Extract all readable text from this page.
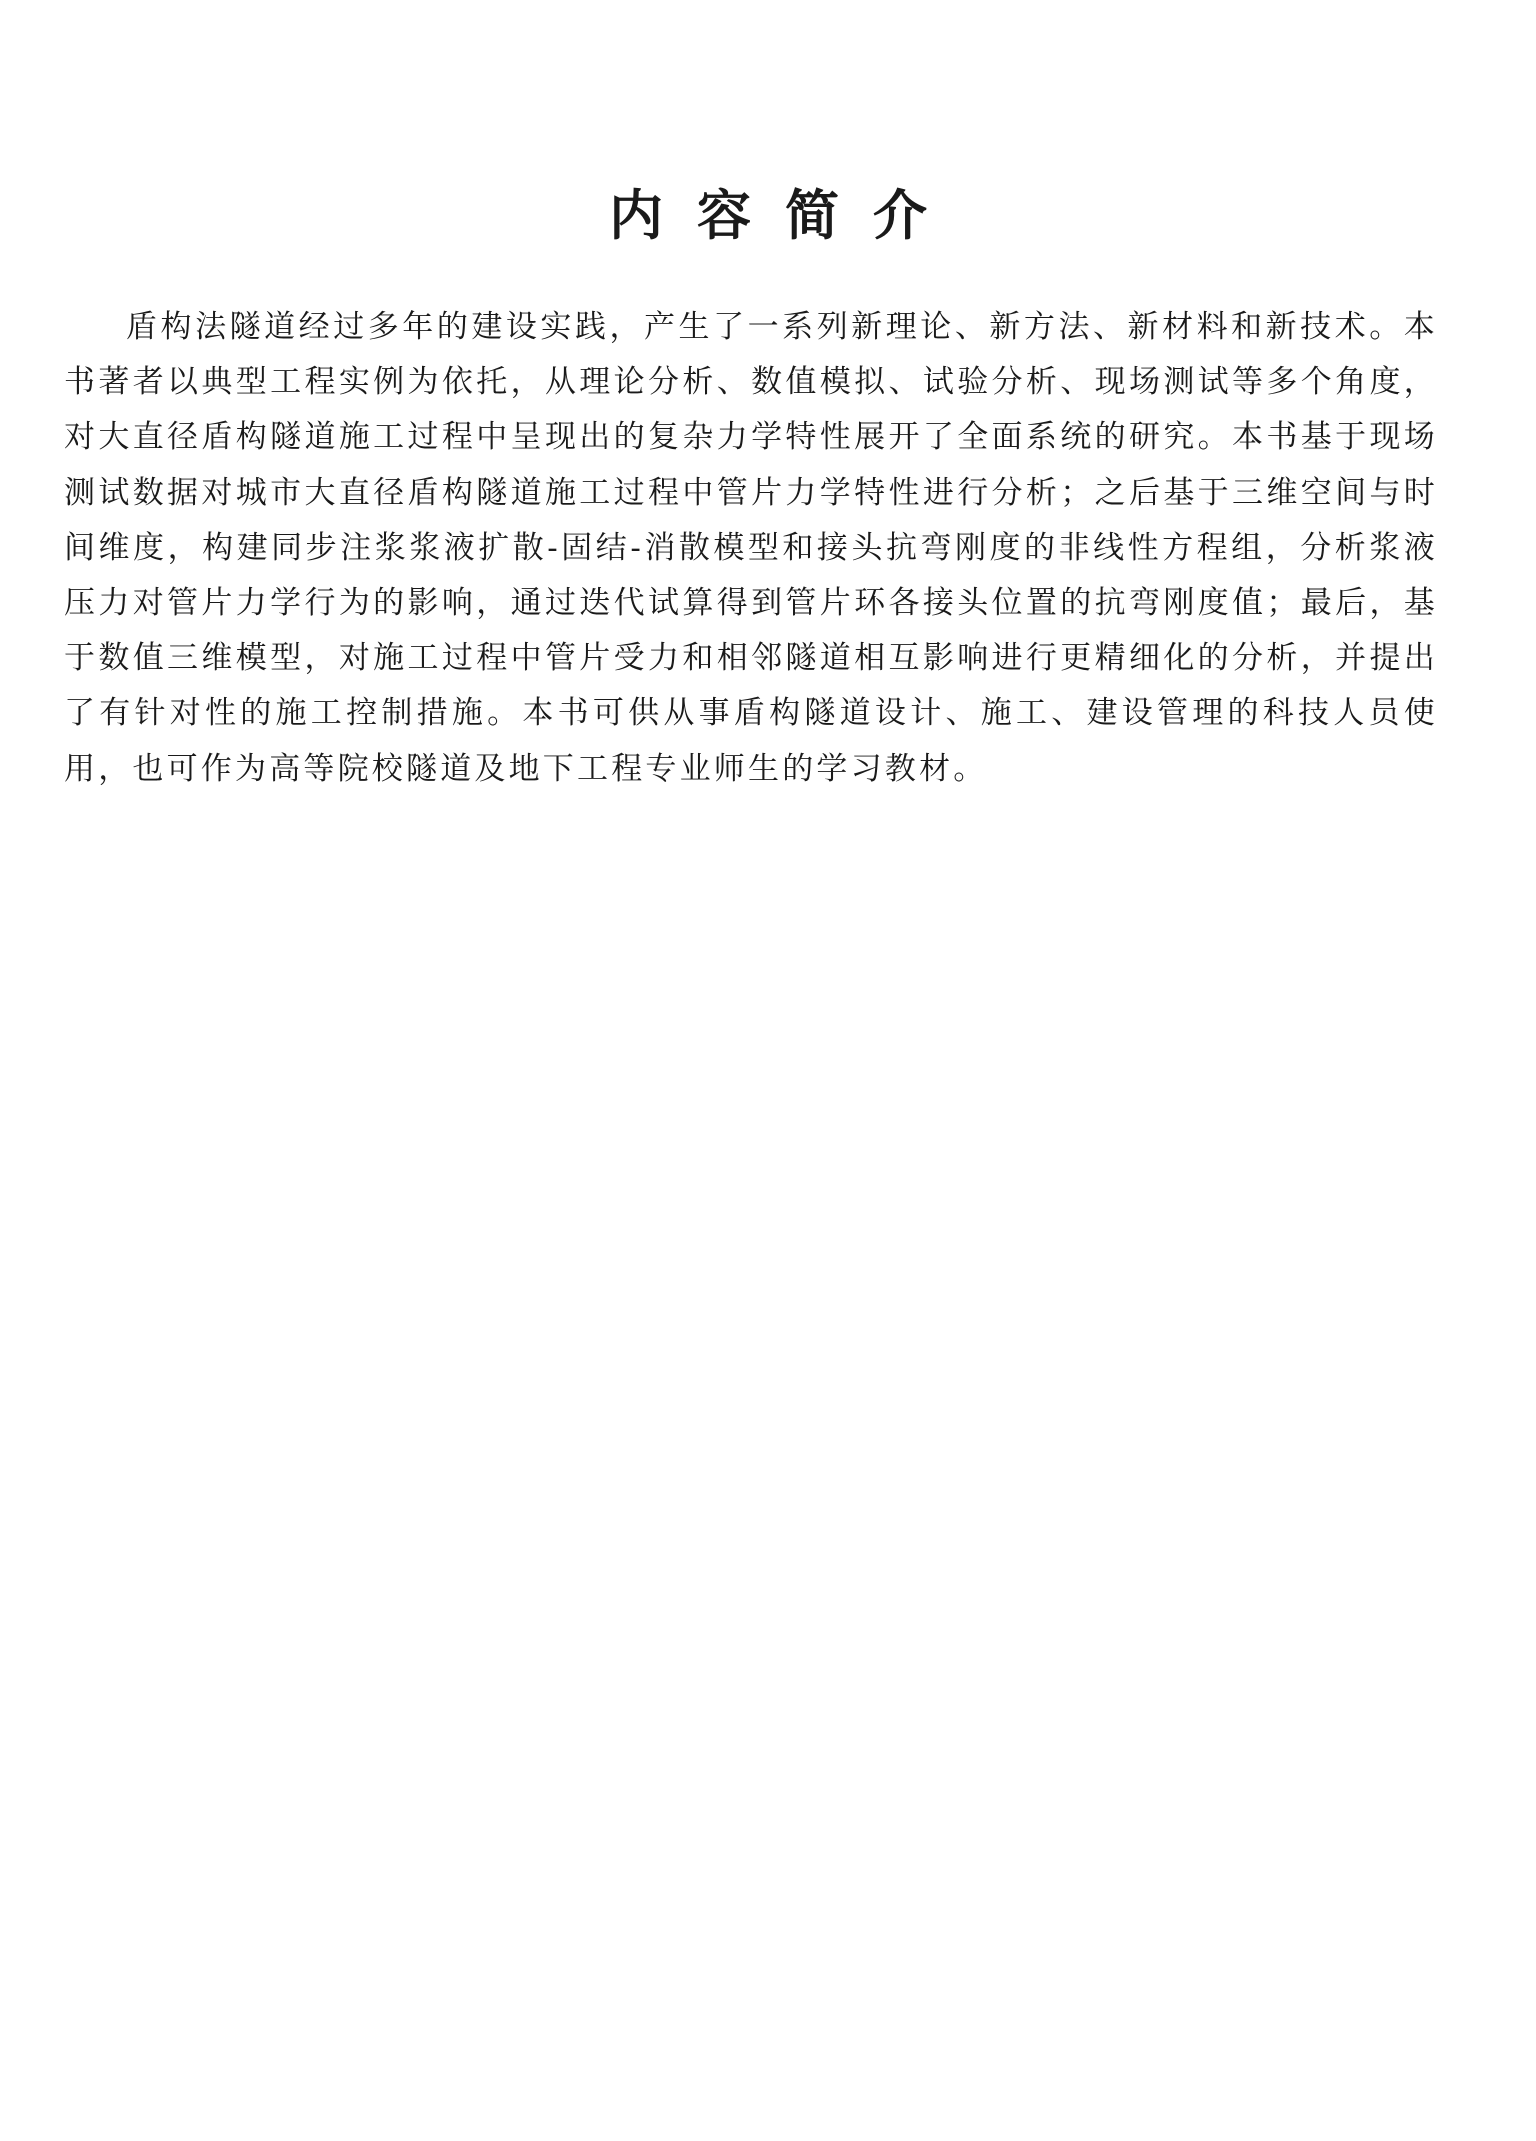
内容简介

盾构法隧道经过多年的建设实践，产生了一系列新理论、新方法、新材料和新技术。本书著者以典型工程实例为依托，从理论分析、数值模拟、试验分析、现场测试等多个角度，对大直径盾构隧道施工过程中呈现出的复杂力学特性展开了全面系统的研究。本书基于现场测试数据对城市大直径盾构隧道施工过程中管片力学特性进行分析；之后基于三维空间与时间维度，构建同步注浆浆液扩散-固结-消散模型和接头抗弯刚度的非线性方程组，分析浆液压力对管片力学行为的影响，通过迭代试算得到管片环各接头位置的抗弯刚度值；最后，基于数值三维模型，对施工过程中管片受力和相邻隧道相互影响进行更精细化的分析，并提出了有针对性的施工控制措施。本书可供从事盾构隧道设计、施工、建设管理的科技人员使用，也可作为高等院校隧道及地下工程专业师生的学习教材。
